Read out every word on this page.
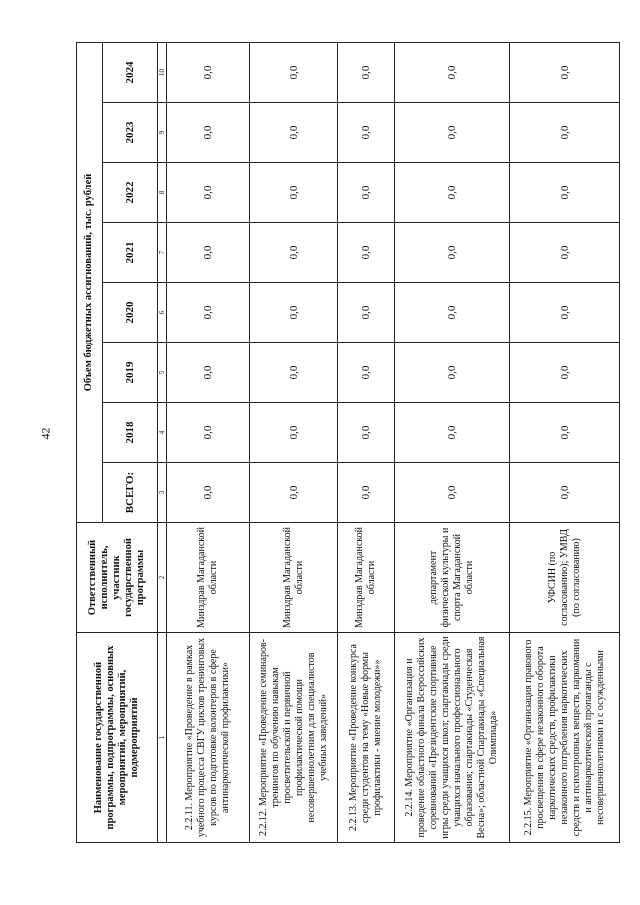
42
Наименование государственной программы, подпрограммы, основных мероприятий, мероприятий, подмероприятий	Ответственный исполнитель, участник государственной программы	Объем бюджетных ассигнований, тыс. рублей							
		ВСЕГО:	2018	2019	2020	2021	2022	2023	2024
1	2	3	4	5	6	7	8	9	10
2.2.11. Мероприятие «Проведение в рамках учебного процесса СВГУ циклов тренинговых курсов по подготовке волонтеров в сфере антинаркотической профилактики»	Минздрав Магаданской области	0,0	0,0	0,0	0,0	0,0	0,0	0,0	0,0
2.2.12. Мероприятие «Проведение семинаров-тренингов по обучению навыкам просветительской и первичной профилактической помощи несовершеннолетним для специалистов учебных заведений»	Минздрав Магаданской области	0,0	0,0	0,0	0,0	0,0	0,0	0,0	0,0
2.2.13. Мероприятие «Проведение конкурса среди студентов на тему «Новые формы профилактики - мнение молодежи»»	Минздрав Магаданской области	0,0	0,0	0,0	0,0	0,0	0,0	0,0	0,0
2.2.14. Мероприятие «Организация и проведение областного финала Всероссийских соревнований «Президентские спортивные игры среди учащихся школ; спартакиады среди учащихся начального профессионального образования; спартакиады «Студенческая Весна»; областной Спартакиады «Специальная Олимпиада»	департамент физической культуры и спорта Магаданской области	0,0	0,0	0,0	0,0	0,0	0,0	0,0	0,0
2.2.15. Мероприятие «Организация правового просвещения в сфере незаконного оборота наркотических средств, профилактики незаконного потребления наркотических средств и психотропных веществ, наркомании и антинаркотической пропаганды с несовершеннолетними и с осужденными	УФСИН (по согласованию); УМВД (по согласованию)	0,0	0,0	0,0	0,0	0,0	0,0	0,0	0,0
